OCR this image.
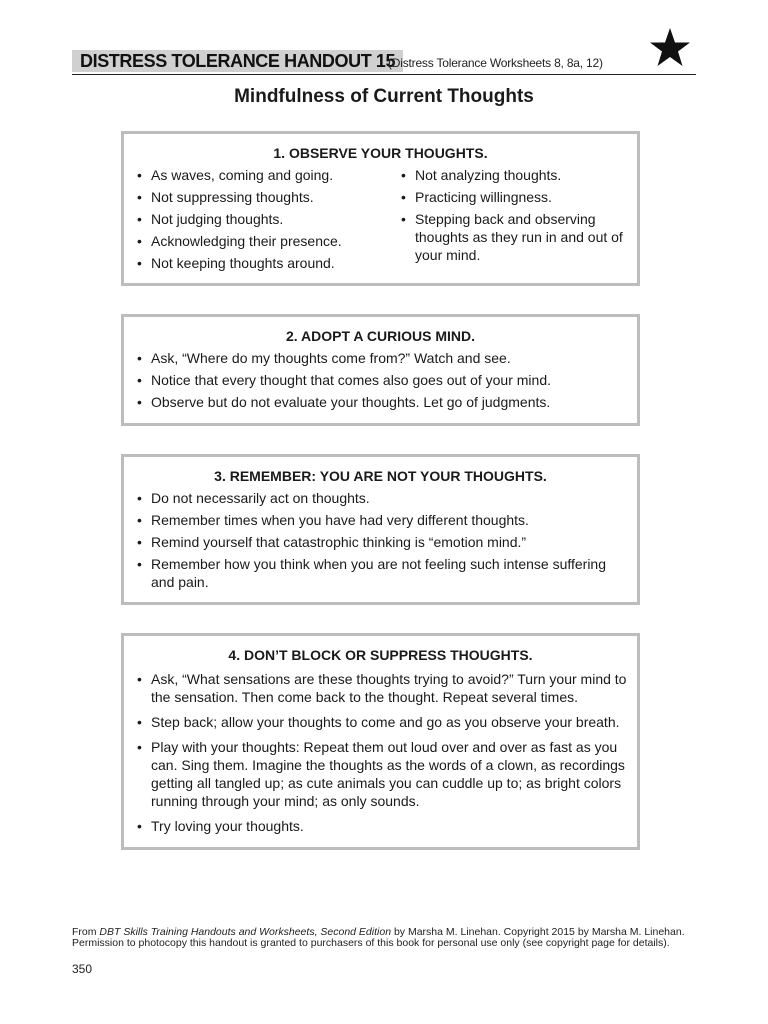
DISTRESS TOLERANCE HANDOUT 15
(Distress Tolerance Worksheets 8, 8a, 12)
Mindfulness of Current Thoughts
1. OBSERVE YOUR THOUGHTS.
• As waves, coming and going.
• Not suppressing thoughts.
• Not judging thoughts.
• Acknowledging their presence.
• Not keeping thoughts around.
• Not analyzing thoughts.
• Practicing willingness.
• Stepping back and observing thoughts as they run in and out of your mind.
2. ADOPT A CURIOUS MIND.
• Ask, “Where do my thoughts come from?” Watch and see.
• Notice that every thought that comes also goes out of your mind.
• Observe but do not evaluate your thoughts. Let go of judgments.
3. REMEMBER: YOU ARE NOT YOUR THOUGHTS.
• Do not necessarily act on thoughts.
• Remember times when you have had very different thoughts.
• Remind yourself that catastrophic thinking is “emotion mind.”
• Remember how you think when you are not feeling such intense suffering and pain.
4. DON’T BLOCK OR SUPPRESS THOUGHTS.
• Ask, “What sensations are these thoughts trying to avoid?” Turn your mind to the sensation. Then come back to the thought. Repeat several times.
• Step back; allow your thoughts to come and go as you observe your breath.
• Play with your thoughts: Repeat them out loud over and over as fast as you can. Sing them. Imagine the thoughts as the words of a clown, as recordings getting all tangled up; as cute animals you can cuddle up to; as bright colors running through your mind; as only sounds.
• Try loving your thoughts.
From DBT Skills Training Handouts and Worksheets, Second Edition by Marsha M. Linehan. Copyright 2015 by Marsha M. Linehan. Permission to photocopy this handout is granted to purchasers of this book for personal use only (see copyright page for details).
350
